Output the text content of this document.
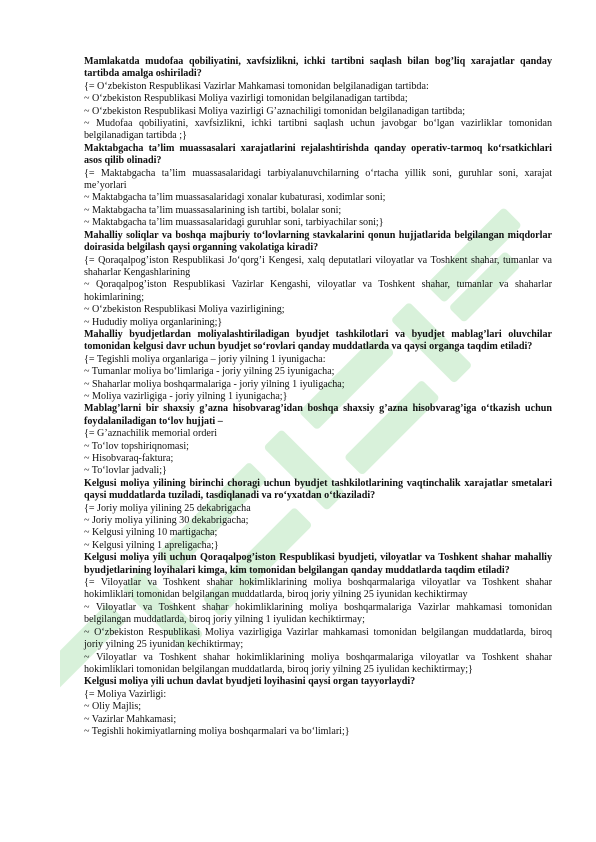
Mamlakatda mudofaa qobiliyatini, xavfsizlikni, ichki tartibni saqlash bilan bog’liq xarajatlar qanday tartibda amalga oshiriladi?

{= O‘zbekiston Respublikasi Vazirlar Mahkamasi tomonidan belgilanadigan tartibda:

~ O‘zbekiston Respublikasi Moliya vazirligi tomonidan belgilanadigan tartibda;

~ O‘zbekiston Respublikasi Moliya vazirligi G’aznachiligi tomonidan belgilanadigan tartibda;

~ Mudofaa qobiliyatini, xavfsizlikni, ichki tartibni saqlash uchun javobgar bo‘lgan vazirliklar tomonidan belgilanadigan tartibda ;}

Maktabgacha ta’lim muassasalari xarajatlarini rejalashtirishda qanday operativ-tarmoq ko‘rsatkichlari asos qilib olinadi?

{= Maktabgacha ta’lim muassasalaridagi tarbiyalanuvchilarning o‘rtacha yillik soni, guruhlar soni, xarajat me’yorlari

~ Maktabgacha ta’lim muassasalaridagi xonalar kubaturasi, xodimlar soni;

~ Maktabgacha ta’lim muassasalarining ish tartibi, bolalar soni;

~ Maktabgacha ta’lim muassasalaridagi guruhlar soni, tarbiyachilar soni;}

Mahalliy soliqlar va boshqa majburiy to‘lovlarning stavkalarini qonun hujjatlarida belgilangan miqdorlar doirasida belgilash qaysi organning vakolatiga kiradi?

{= Qoraqalpog’iston Respublikasi Jo‘qorg’i Kengesi, xalq deputatlari viloyatlar va Toshkent shahar, tumanlar va shaharlar Kengashlarining

~ Qoraqalpog’iston Respublikasi Vazirlar Kengashi, viloyatlar va Toshkent shahar, tumanlar va shaharlar hokimlarining;

~ O‘zbekiston Respublikasi Moliya vazirligining;

~ Hududiy moliya organlarining;}

Mahalliy byudjetlardan moliyalashtiriladigan byudjet tashkilotlari va byudjet mablag’lari oluvchilar tomonidan kelgusi davr uchun byudjet so‘rovlari qanday muddatlarda va qaysi organga taqdim etiladi?

{= Tegishli moliya organlariga – joriy yilning 1 iyunigacha:

~ Tumanlar moliya bo‘limlariga - joriy yilning 25 iyunigacha;

~ Shaharlar moliya boshqarmalariga - joriy yilning 1 iyuligacha;

~ Moliya vazirligiga - joriy yilning 1 iyunigacha;}

Mablag’larni bir shaxsiy g’azna hisobvarag’idan boshqa shaxsiy g’azna hisobvarag’iga o‘tkazish uchun foydalaniladigan to‘lov hujjati –

{= G’aznachilik memorial orderi

~ To‘lov topshiriqnomasi;

~ Hisobvaraq-faktura;

~ To‘lovlar jadvali;}

Kelgusi moliya yilining birinchi choragi uchun byudjet tashkilotlarining vaqtinchalik xarajatlar smetalari qaysi muddatlarda tuziladi, tasdiqlanadi va ro‘yxatdan o‘tkaziladi?

{= Joriy moliya yilining 25 dekabrigacha

~ Joriy moliya yilining 30 dekabrigacha;

~ Kelgusi yilning 10 martigacha;

~ Kelgusi yilning 1 apreligacha;}

Kelgusi moliya yili uchun Qoraqalpog’iston Respublikasi byudjeti, viloyatlar va Toshkent shahar mahalliy byudjetlarining loyihalari kimga, kim tomonidan belgilangan qanday muddatlarda taqdim etiladi?

{= Viloyatlar va Toshkent shahar hokimliklarining moliya boshqarmalariga viloyatlar va Toshkent shahar hokimliklari tomonidan belgilangan muddatlarda, biroq joriy yilning 25 iyunidan kechiktirmay

~ Viloyatlar va Toshkent shahar hokimliklarining moliya boshqarmalariga Vazirlar mahkamasi tomonidan belgilangan muddatlarda, biroq joriy yilning 1 iyulidan kechiktirmay;

~ O‘zbekiston Respublikasi Moliya vazirligiga Vazirlar mahkamasi tomonidan belgilangan muddatlarda, biroq joriy yilning 25 iyunidan kechiktirmay;

~ Viloyatlar va Toshkent shahar hokimliklarining moliya boshqarmalariga viloyatlar va Toshkent shahar hokimliklari tomonidan belgilangan muddatlarda, biroq joriy yilning 25 iyulidan kechiktirmay;}

Kelgusi moliya yili uchun davlat byudjeti loyihasini qaysi organ tayyorlaydi?

{= Moliya Vazirligi:

~ Oliy Majlis;

~ Vazirlar Mahkamasi;

~ Tegishli hokimiyatlarning moliya boshqarmalari va bo‘limlari;}
